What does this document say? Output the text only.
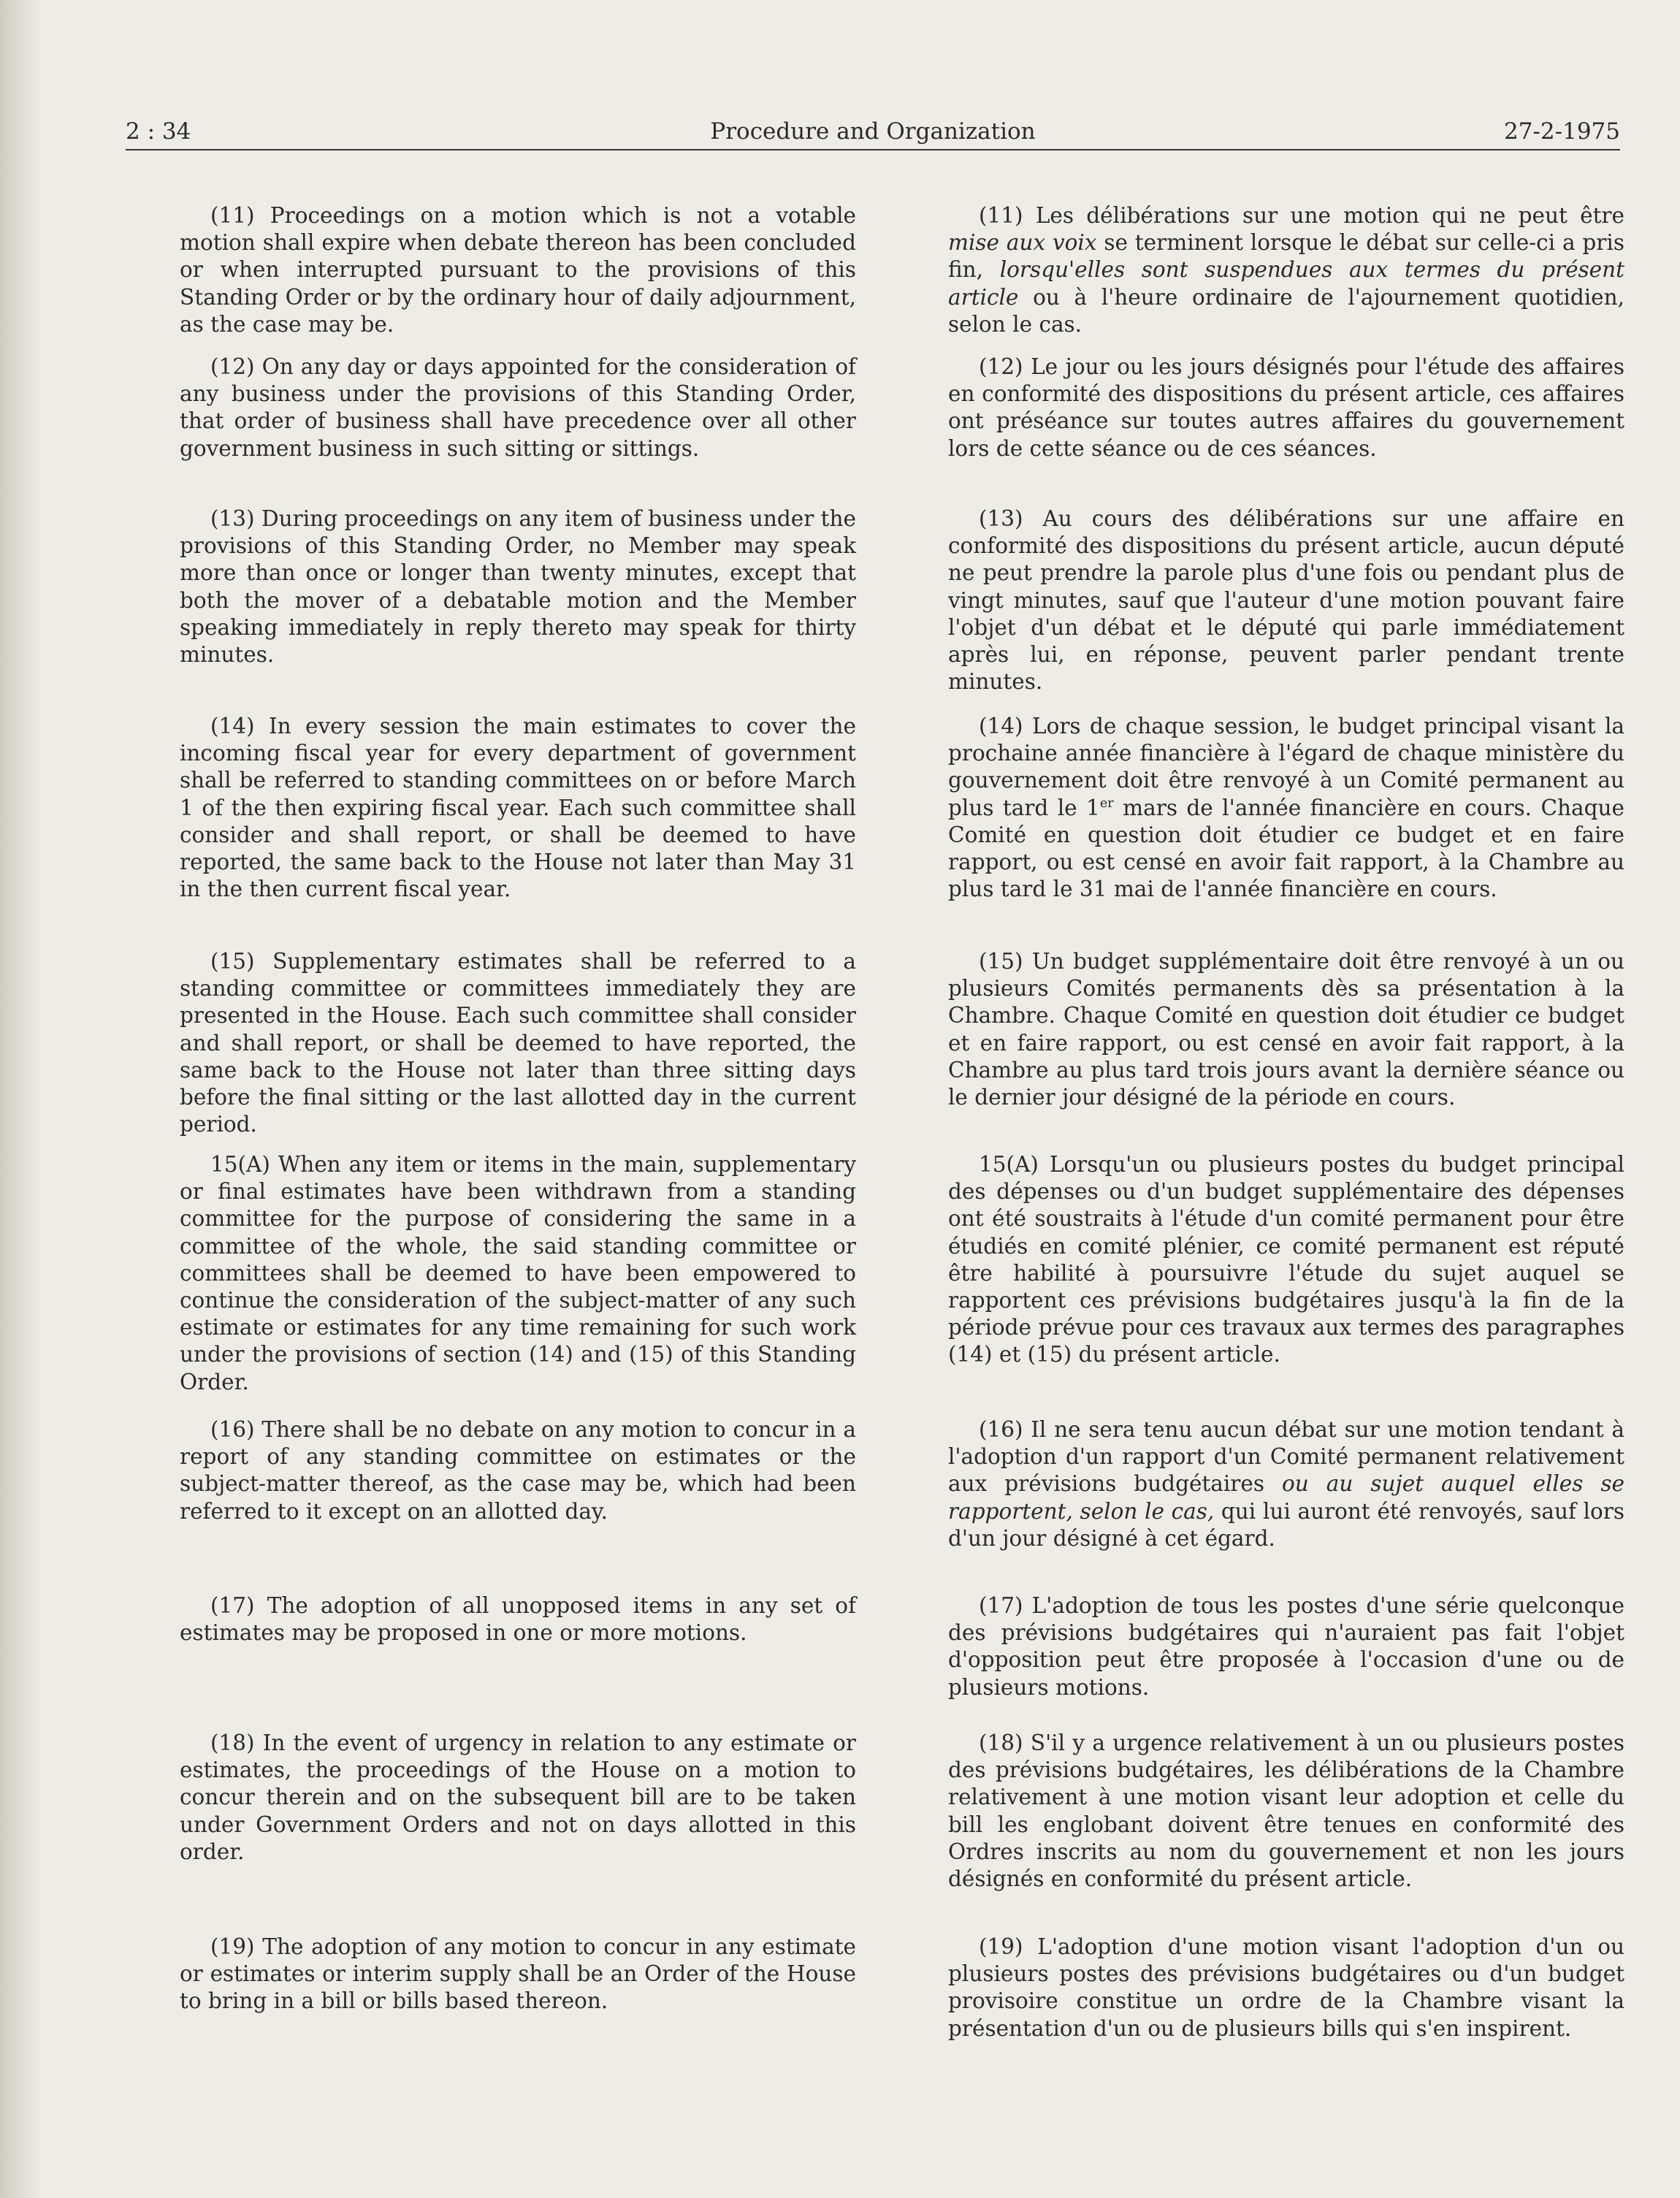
2 : 34	Procedure and Organization	27-2-1975

(11) Proceedings on a motion which is not a votable motion shall expire when debate thereon has been concluded or when interrupted pursuant to the provisions of this Standing Order or by the ordinary hour of daily adjournment, as the case may be.

(12) On any day or days appointed for the consideration of any business under the provisions of this Standing Order, that order of business shall have precedence over all other government business in such sitting or sittings.

(13) During proceedings on any item of business under the provisions of this Standing Order, no Member may speak more than once or longer than twenty minutes, except that both the mover of a debatable motion and the Member speaking immediately in reply thereto may speak for thirty minutes.

(14) In every session the main estimates to cover the incoming fiscal year for every department of government shall be referred to standing committees on or before March 1 of the then expiring fiscal year. Each such committee shall consider and shall report, or shall be deemed to have reported, the same back to the House not later than May 31 in the then current fiscal year.

(15) Supplementary estimates shall be referred to a standing committee or committees immediately they are presented in the House. Each such committee shall consider and shall report, or shall be deemed to have reported, the same back to the House not later than three sitting days before the final sitting or the last allotted day in the current period.

15(A) When any item or items in the main, supplementary or final estimates have been withdrawn from a standing committee for the purpose of considering the same in a committee of the whole, the said standing committee or committees shall be deemed to have been empowered to continue the consideration of the subject-matter of any such estimate or estimates for any time remaining for such work under the provisions of section (14) and (15) of this Standing Order.

(16) There shall be no debate on any motion to concur in a report of any standing committee on estimates or the subject-matter thereof, as the case may be, which had been referred to it except on an allotted day.

(17) The adoption of all unopposed items in any set of estimates may be proposed in one or more motions.

(18) In the event of urgency in relation to any estimate or estimates, the proceedings of the House on a motion to concur therein and on the subsequent bill are to be taken under Government Orders and not on days allotted in this order.

(19) The adoption of any motion to concur in any estimate or estimates or interim supply shall be an Order of the House to bring in a bill or bills based thereon.

(11) Les délibérations sur une motion qui ne peut être mise aux voix se terminent lorsque le débat sur celle-ci a pris fin, lorsqu'elles sont suspendues aux termes du présent article ou à l'heure ordinaire de l'ajournement quotidien, selon le cas.

(12) Le jour ou les jours désignés pour l'étude des affaires en conformité des dispositions du présent article, ces affaires ont préséance sur toutes autres affaires du gouvernement lors de cette séance ou de ces séances.

(13) Au cours des délibérations sur une affaire en conformité des dispositions du présent article, aucun député ne peut prendre la parole plus d'une fois ou pendant plus de vingt minutes, sauf que l'auteur d'une motion pouvant faire l'objet d'un débat et le député qui parle immédiatement après lui, en réponse, peuvent parler pendant trente minutes.

(14) Lors de chaque session, le budget principal visant la prochaine année financière à l'égard de chaque ministère du gouvernement doit être renvoyé à un Comité permanent au plus tard le 1er mars de l'année financière en cours. Chaque Comité en question doit étudier ce budget et en faire rapport, ou est censé en avoir fait rapport, à la Chambre au plus tard le 31 mai de l'année financière en cours.

(15) Un budget supplémentaire doit être renvoyé à un ou plusieurs Comités permanents dès sa présentation à la Chambre. Chaque Comité en question doit étudier ce budget et en faire rapport, ou est censé en avoir fait rapport, à la Chambre au plus tard trois jours avant la dernière séance ou le dernier jour désigné de la période en cours.

15(A) Lorsqu'un ou plusieurs postes du budget principal des dépenses ou d'un budget supplémentaire des dépenses ont été soustraits à l'étude d'un comité permanent pour être étudiés en comité plénier, ce comité permanent est réputé être habilité à poursuivre l'étude du sujet auquel se rapportent ces prévisions budgétaires jusqu'à la fin de la période prévue pour ces travaux aux termes des paragraphes (14) et (15) du présent article.

(16) Il ne sera tenu aucun débat sur une motion tendant à l'adoption d'un rapport d'un Comité permanent relativement aux prévisions budgétaires ou au sujet auquel elles se rapportent, selon le cas, qui lui auront été renvoyés, sauf lors d'un jour désigné à cet égard.

(17) L'adoption de tous les postes d'une série quelconque des prévisions budgétaires qui n'auraient pas fait l'objet d'opposition peut être proposée à l'occasion d'une ou de plusieurs motions.

(18) S'il y a urgence relativement à un ou plusieurs postes des prévisions budgétaires, les délibérations de la Chambre relativement à une motion visant leur adoption et celle du bill les englobant doivent être tenues en conformité des Ordres inscrits au nom du gouvernement et non les jours désignés en conformité du présent article.

(19) L'adoption d'une motion visant l'adoption d'un ou plusieurs postes des prévisions budgétaires ou d'un budget provisoire constitue un ordre de la Chambre visant la présentation d'un ou de plusieurs bills qui s'en inspirent.
